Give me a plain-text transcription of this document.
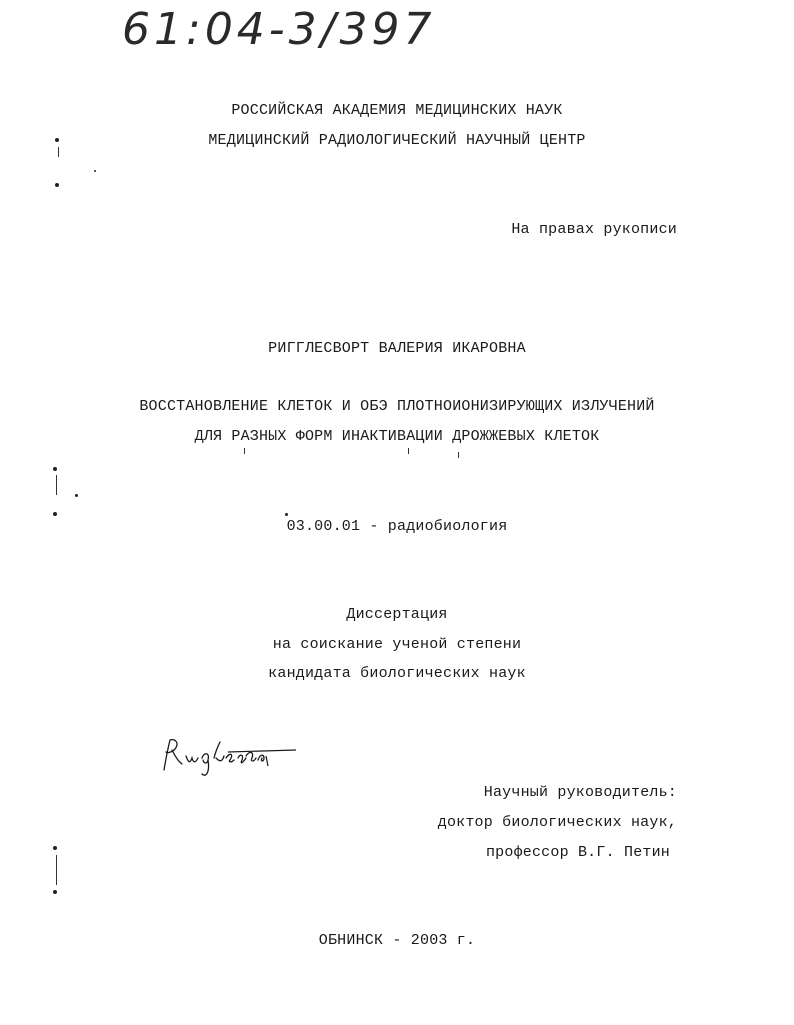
61:04-3/397
РОССИЙСКАЯ АКАДЕМИЯ МЕДИЦИНСКИХ НАУК
МЕДИЦИНСКИЙ РАДИОЛОГИЧЕСКИЙ НАУЧНЫЙ ЦЕНТР
На правах рукописи
РИГГЛЕСВОРТ ВАЛЕРИЯ ИКАРОВНА
ВОССТАНОВЛЕНИЕ КЛЕТОК И ОБЭ ПЛОТНОИОНИЗИРУЮЩИХ ИЗЛУЧЕНИЙ
ДЛЯ РАЗНЫХ ФОРМ ИНАКТИВАЦИИ ДРОЖЖЕВЫХ КЛЕТОК
03.00.01 - радиобиология
Диссертация
на соискание ученой степени
кандидата биологических наук
Научный руководитель:
доктор биологических наук,
профессор В.Г. Петин
ОБНИНСК - 2003 г.
